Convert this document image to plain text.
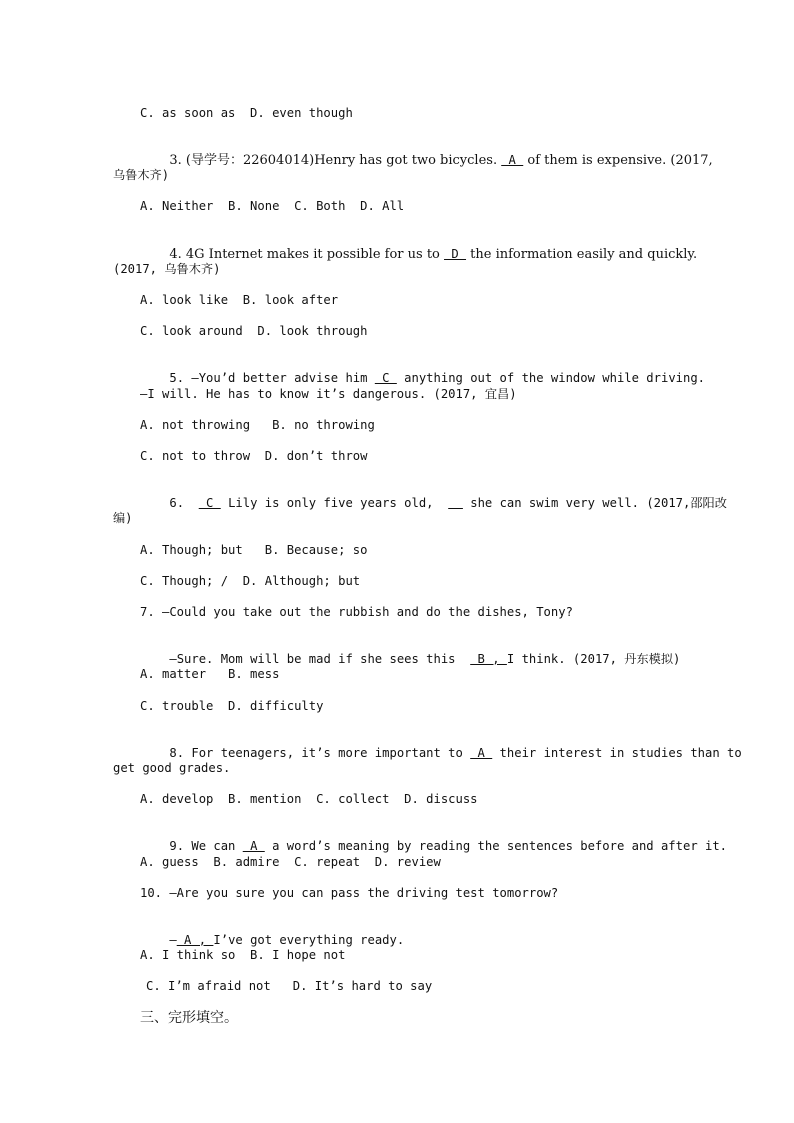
C. as soon as  D. even though

3. (导学号：22604014)Henry has got two bicycles.  A  of them is expensive. (2017,

乌鲁木齐)
A. Neither  B. None  C. Both  D. All

4. 4G Internet makes it possible for us to  D  the information easily and quickly.

(2017, 乌鲁木齐)
A. look like  B. look after
C. look around  D. look through

5. —You’d better advise him  C  anything out of the window while driving.

—I will. He has to know it’s dangerous. (2017, 宜昌)
A. not throwing   B. no throwing
C. not to throw  D. don’t throw

6.   C  Lily is only five years old,     she can swim very well. (2017,邵阳改

编)
A. Though; but   B. Because; so
C. Though; /  D. Although; but
7. —Could you take out the rubbish and do the dishes, Tony?

—Sure. Mom will be mad if she sees this   B , I think. (2017, 丹东模拟)

A. matter   B. mess
C. trouble  D. difficulty

8. For teenagers, it’s more important to  A  their interest in studies than to

get good grades.
A. develop  B. mention  C. collect  D. discuss

9. We can  A  a word’s meaning by reading the sentences before and after it.

A. guess  B. admire  C. repeat  D. review
10. —Are you sure you can pass the driving test tomorrow?

— A , I’ve got everything ready.

A. I think so  B. I hope not
C. I’m afraid not   D. It’s hard to say
三、完形填空。
